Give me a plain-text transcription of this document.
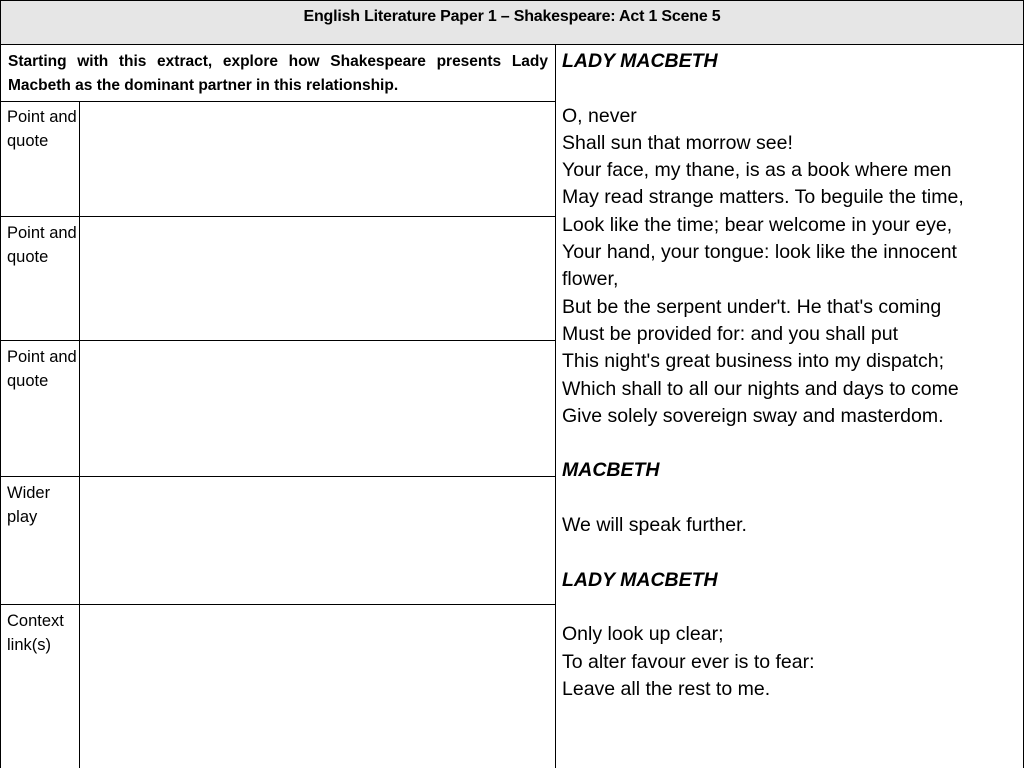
English Literature Paper 1 – Shakespeare: Act 1 Scene 5

Starting with this extract, explore how Shakespeare presents Lady Macbeth as the dominant partner in this relationship.

Point and quote
Point and quote
Point and quote
Wider play
Context link(s)
LADY MACBETH
O, never
Shall sun that morrow see!
Your face, my thane, is as a book where men
May read strange matters. To beguile the time,
Look like the time; bear welcome in your eye,
Your hand, your tongue: look like the innocent
flower,
But be the serpent under't. He that's coming
Must be provided for: and you shall put
This night's great business into my dispatch;
Which shall to all our nights and days to come
Give solely sovereign sway and masterdom.
MACBETH
We will speak further.
LADY MACBETH
Only look up clear;
To alter favour ever is to fear:
Leave all the rest to me.
